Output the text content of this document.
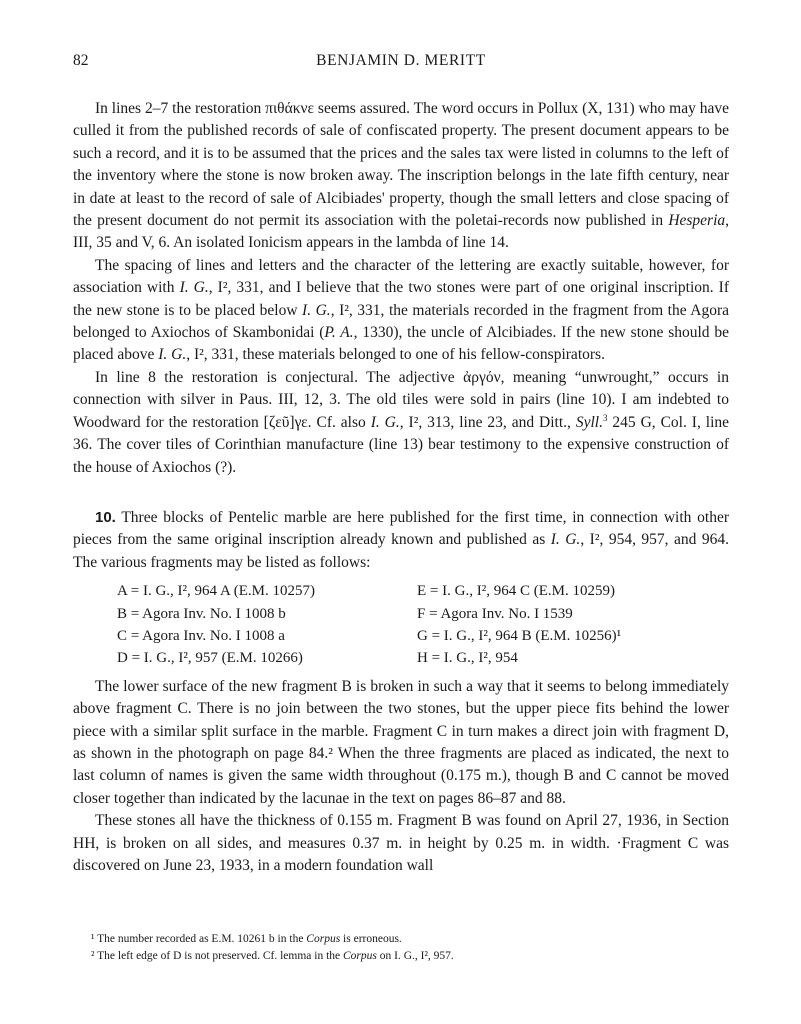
82	BENJAMIN D. MERITT

In lines 2–7 the restoration πιθάκνε seems assured. The word occurs in Pollux (X, 131) who may have culled it from the published records of sale of confiscated property. The present document appears to be such a record, and it is to be assumed that the prices and the sales tax were listed in columns to the left of the inventory where the stone is now broken away. The inscription belongs in the late fifth century, near in date at least to the record of sale of Alcibiades' property, though the small letters and close spacing of the present document do not permit its association with the poletai-records now published in Hesperia, III, 35 and V, 6. An isolated Ionicism appears in the lambda of line 14.

The spacing of lines and letters and the character of the lettering are exactly suitable, however, for association with I. G., I², 331, and I believe that the two stones were part of one original inscription. If the new stone is to be placed below I. G., I², 331, the materials recorded in the fragment from the Agora belonged to Axiochos of Skambonidai (P. A., 1330), the uncle of Alcibiades. If the new stone should be placed above I. G., I², 331, these materials belonged to one of his fellow-conspirators.

In line 8 the restoration is conjectural. The adjective ἀργόν, meaning “unwrought,” occurs in connection with silver in Paus. III, 12, 3. The old tiles were sold in pairs (line 10). I am indebted to Woodward for the restoration [ζεῦ]γε. Cf. also I. G., I², 313, line 23, and Ditt., Syll.$^3$ 245 G, Col. I, line 36. The cover tiles of Corinthian manufacture (line 13) bear testimony to the expensive construction of the house of Axiochos (?).

10. Three blocks of Pentelic marble are here published for the first time, in connection with other pieces from the same original inscription already known and published as I. G., I², 954, 957, and 964. The various fragments may be listed as follows:

A = I. G., I², 964 A (E.M. 10257)	E = I. G., I², 964 C (E.M. 10259)
B = Agora Inv. No. I 1008 b	F = Agora Inv. No. I 1539
C = Agora Inv. No. I 1008 a	G = I. G., I², 964 B (E.M. 10256)¹
D = I. G., I², 957 (E.M. 10266)	H = I. G., I², 954

The lower surface of the new fragment B is broken in such a way that it seems to belong immediately above fragment C. There is no join between the two stones, but the upper piece fits behind the lower piece with a similar split surface in the marble. Fragment C in turn makes a direct join with fragment D, as shown in the photograph on page 84.² When the three fragments are placed as indicated, the next to last column of names is given the same width throughout (0.175 m.), though B and C cannot be moved closer together than indicated by the lacunae in the text on pages 86–87 and 88.

These stones all have the thickness of 0.155 m. Fragment B was found on April 27, 1936, in Section HH, is broken on all sides, and measures 0.37 m. in height by 0.25 m. in width. ·Fragment C was discovered on June 23, 1933, in a modern foundation wall

¹ The number recorded as E.M. 10261 b in the Corpus is erroneous.
² The left edge of D is not preserved. Cf. lemma in the Corpus on I. G., I², 957.
